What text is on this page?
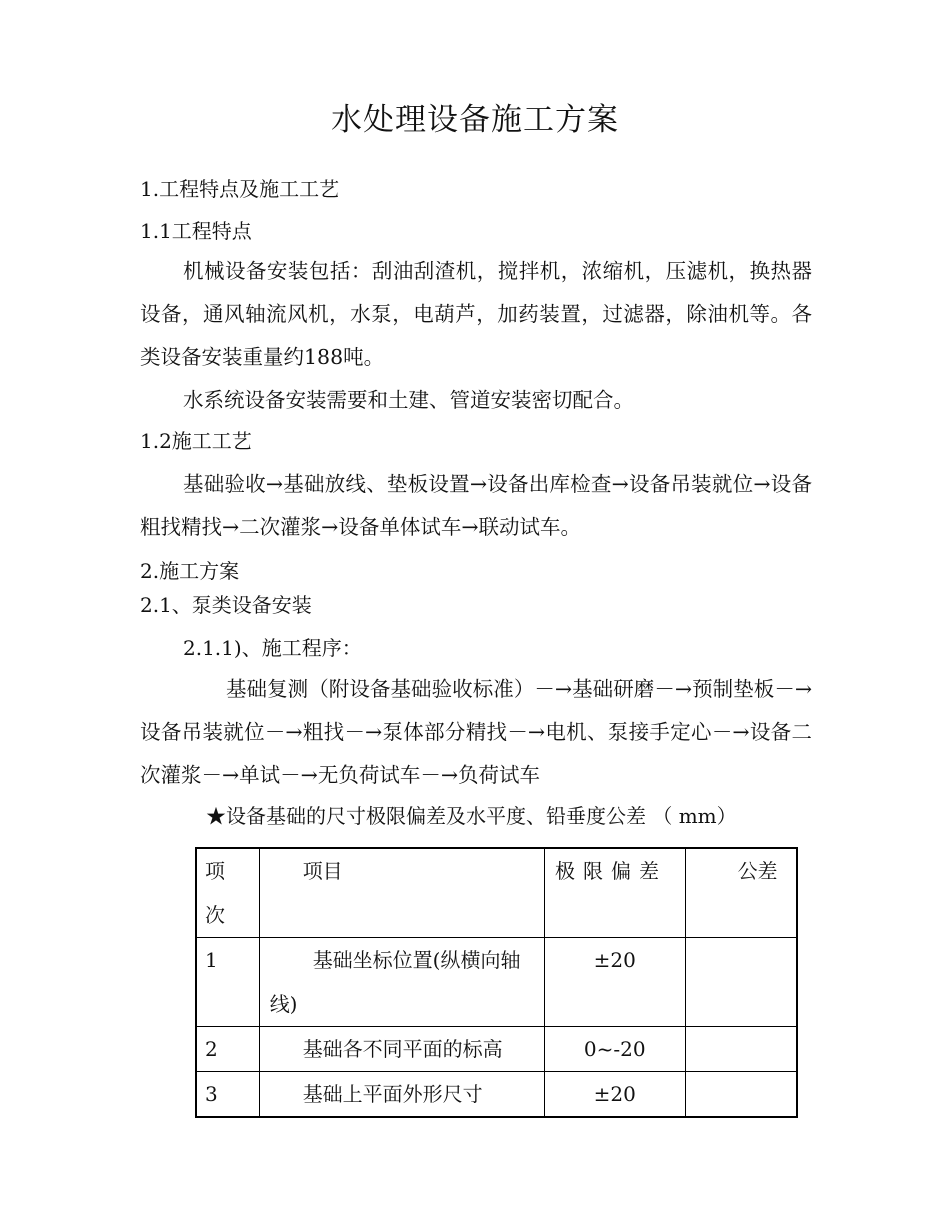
水处理设备施工方案
1.工程特点及施工工艺
1.1工程特点
机械设备安装包括：刮油刮渣机，搅拌机，浓缩机，压滤机，换热器设备，通风轴流风机，水泵，电葫芦，加药装置，过滤器，除油机等。各类设备安装重量约188吨。
水系统设备安装需要和土建、管道安装密切配合。
1.2施工工艺
基础验收→基础放线、垫板设置→设备出库检查→设备吊装就位→设备粗找精找→二次灌浆→设备单体试车→联动试车。
2.施工方案
2.1、泵类设备安装
2.1.1)、施工程序：
基础复测（附设备基础验收标准）－→基础研磨－→预制垫板－→设备吊装就位－→粗找－→泵体部分精找－→电机、泵接手定心－→设备二次灌浆－→单试－→无负荷试车－→负荷试车
★设备基础的尺寸极限偏差及水平度、铅垂度公差 （ mm）
项次	项目	极限偏差	公差

1	基础坐标位置(纵横向轴线)	±20	
2	基础各不同平面的标高	0~-20	
3	基础上平面外形尺寸	±20	
